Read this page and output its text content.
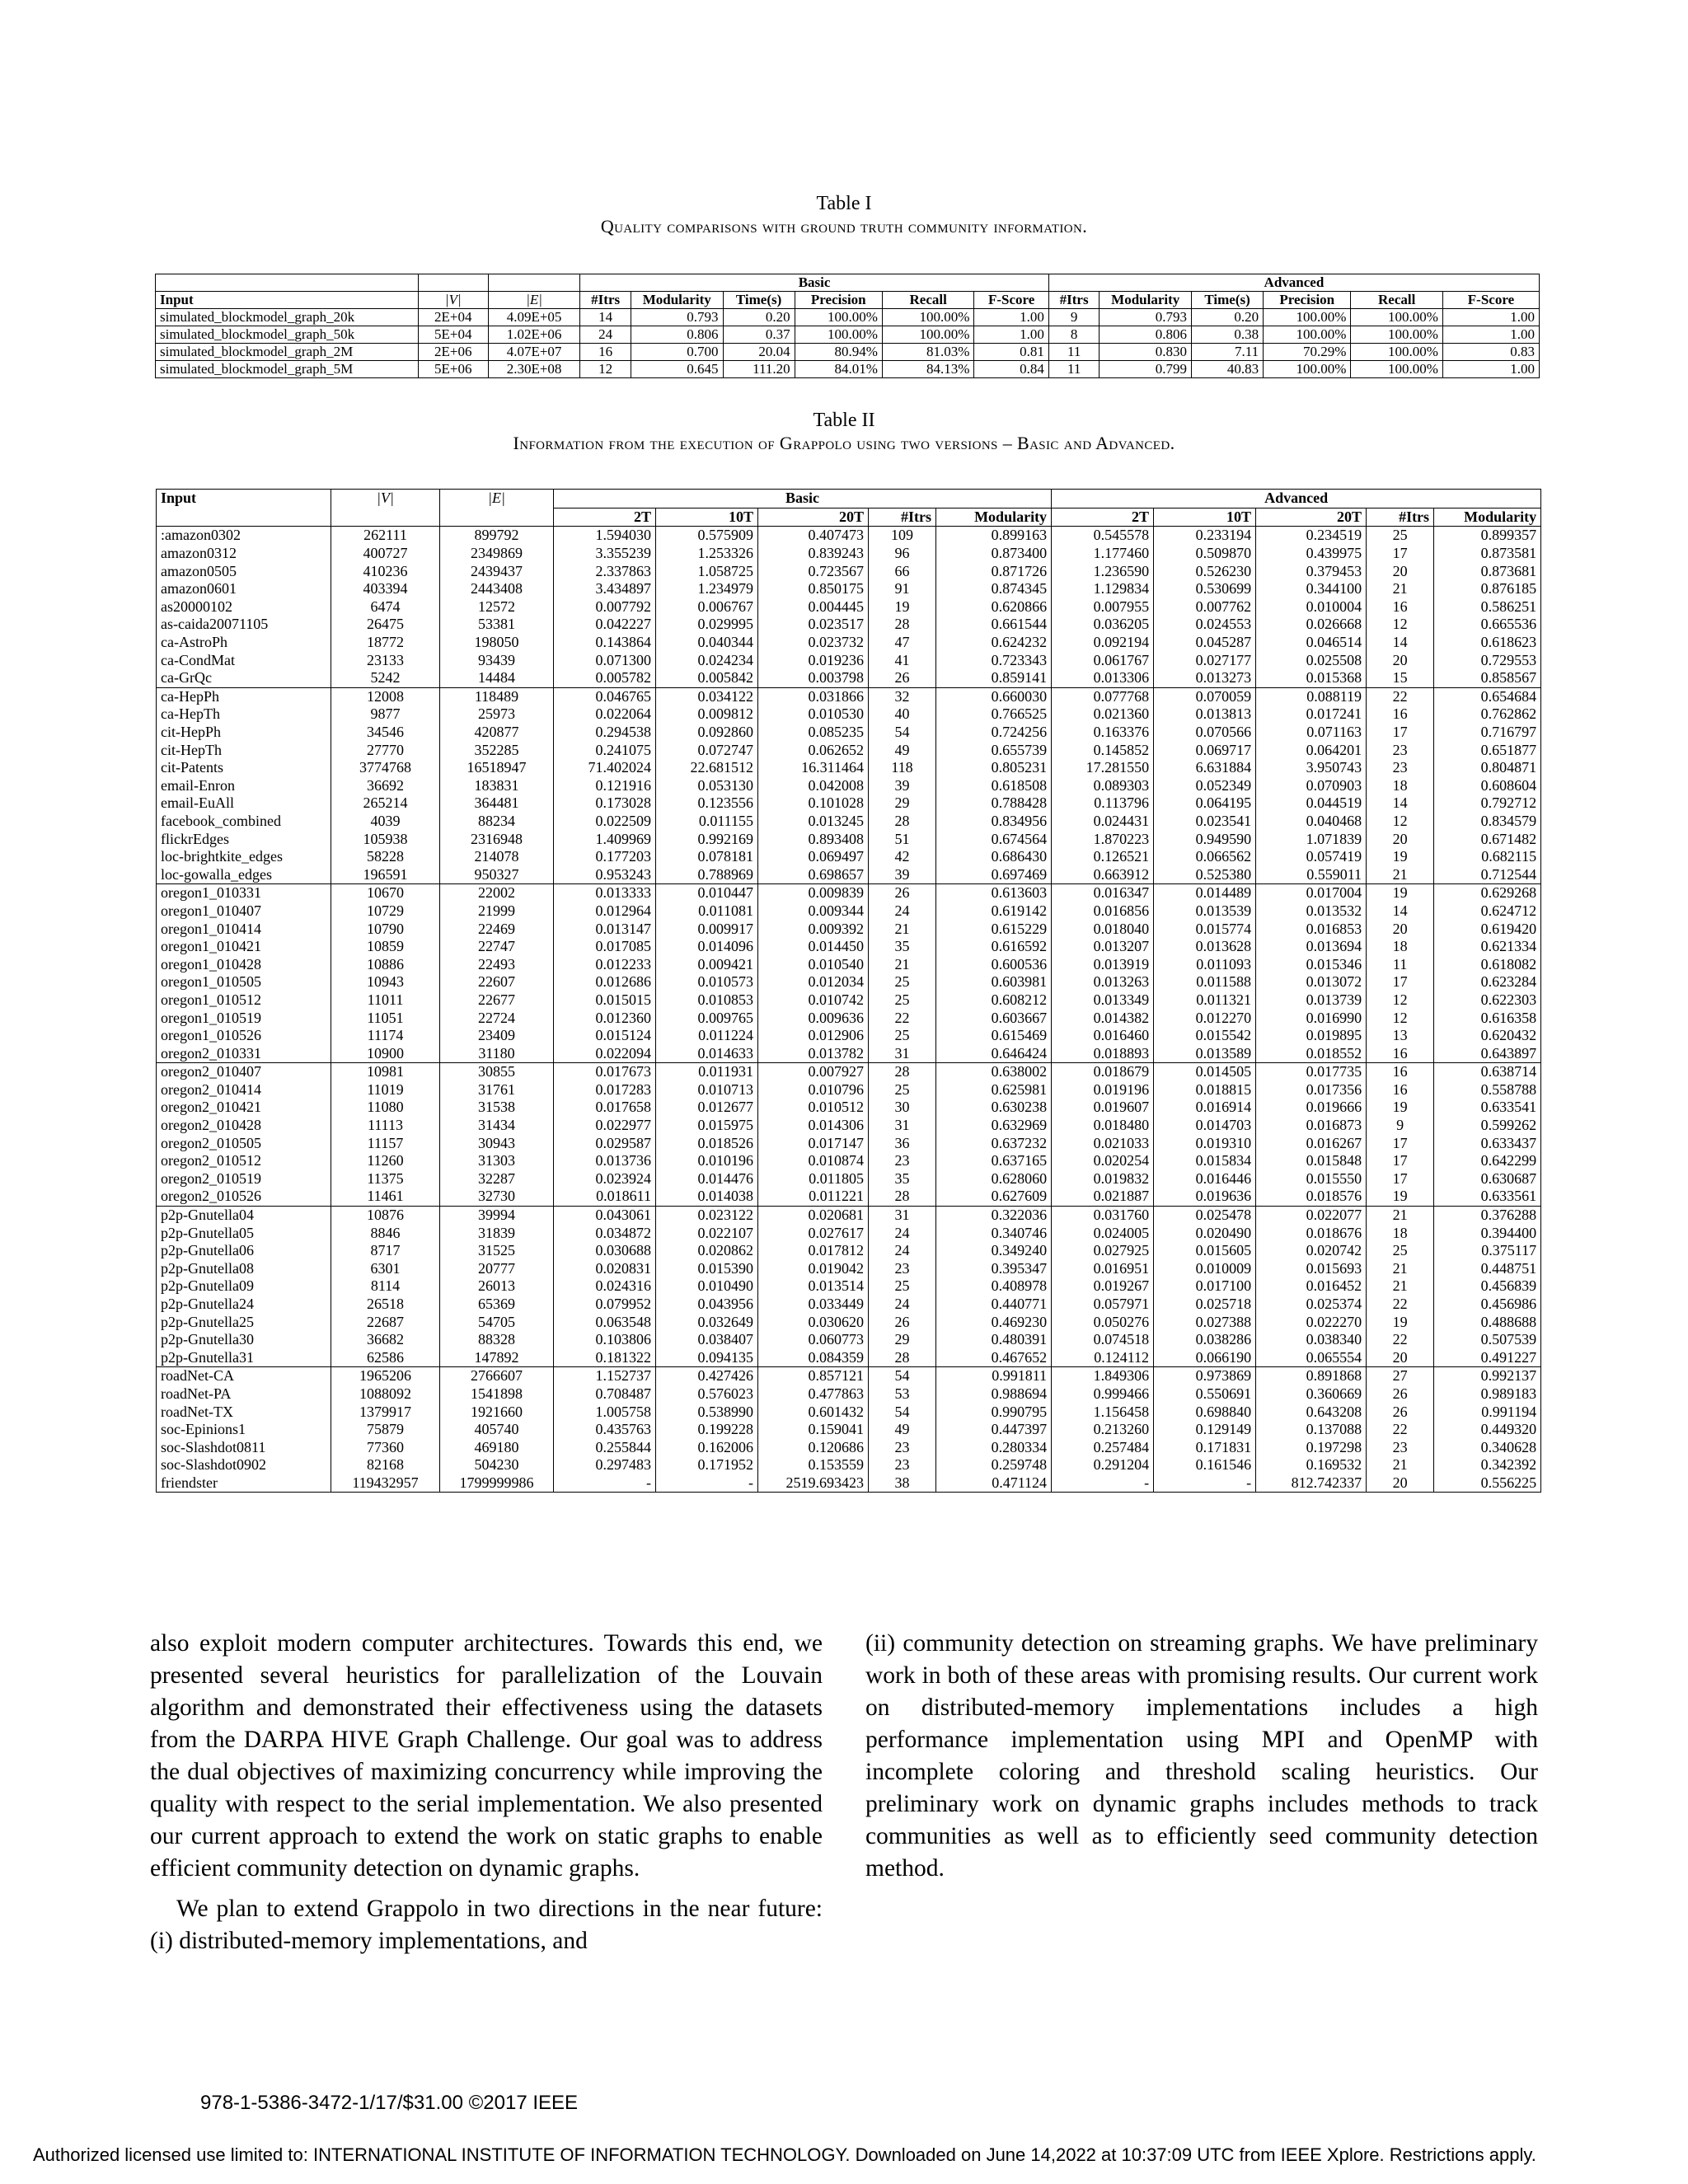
Table I
Quality comparisons with ground truth community information.
			Basic						Advanced					
Input	|V|	|E|	#Itrs	Modularity	Time(s)	Precision	Recall	F-Score	#Itrs	Modularity	Time(s)	Precision	Recall	F-Score
simulated_blockmodel_graph_20k	2E+04	4.09E+05	14	0.793	0.20	100.00%	100.00%	1.00	9	0.793	0.20	100.00%	100.00%	1.00
simulated_blockmodel_graph_50k	5E+04	1.02E+06	24	0.806	0.37	100.00%	100.00%	1.00	8	0.806	0.38	100.00%	100.00%	1.00
simulated_blockmodel_graph_2M	2E+06	4.07E+07	16	0.700	20.04	80.94%	81.03%	0.81	11	0.830	7.11	70.29%	100.00%	0.83
simulated_blockmodel_graph_5M	5E+06	2.30E+08	12	0.645	111.20	84.01%	84.13%	0.84	11	0.799	40.83	100.00%	100.00%	1.00
Table II
Information from the execution of Grappolo using two versions – Basic and Advanced.
Input	|V|	|E|	Basic					Advanced				
			2T	10T	20T	#Itrs	Modularity	2T	10T	20T	#Itrs	Modularity
:amazon0302	262111	899792	1.594030	0.575909	0.407473	109	0.899163	0.545578	0.233194	0.234519	25	0.899357
amazon0312	400727	2349869	3.355239	1.253326	0.839243	96	0.873400	1.177460	0.509870	0.439975	17	0.873581
amazon0505	410236	2439437	2.337863	1.058725	0.723567	66	0.871726	1.236590	0.526230	0.379453	20	0.873681
amazon0601	403394	2443408	3.434897	1.234979	0.850175	91	0.874345	1.129834	0.530699	0.344100	21	0.876185
as20000102	6474	12572	0.007792	0.006767	0.004445	19	0.620866	0.007955	0.007762	0.010004	16	0.586251
as-caida20071105	26475	53381	0.042227	0.029995	0.023517	28	0.661544	0.036205	0.024553	0.026668	12	0.665536
ca-AstroPh	18772	198050	0.143864	0.040344	0.023732	47	0.624232	0.092194	0.045287	0.046514	14	0.618623
ca-CondMat	23133	93439	0.071300	0.024234	0.019236	41	0.723343	0.061767	0.027177	0.025508	20	0.729553
ca-GrQc	5242	14484	0.005782	0.005842	0.003798	26	0.859141	0.013306	0.013273	0.015368	15	0.858567
ca-HepPh	12008	118489	0.046765	0.034122	0.031866	32	0.660030	0.077768	0.070059	0.088119	22	0.654684
ca-HepTh	9877	25973	0.022064	0.009812	0.010530	40	0.766525	0.021360	0.013813	0.017241	16	0.762862
cit-HepPh	34546	420877	0.294538	0.092860	0.085235	54	0.724256	0.163376	0.070566	0.071163	17	0.716797
cit-HepTh	27770	352285	0.241075	0.072747	0.062652	49	0.655739	0.145852	0.069717	0.064201	23	0.651877
cit-Patents	3774768	16518947	71.402024	22.681512	16.311464	118	0.805231	17.281550	6.631884	3.950743	23	0.804871
email-Enron	36692	183831	0.121916	0.053130	0.042008	39	0.618508	0.089303	0.052349	0.070903	18	0.608604
email-EuAll	265214	364481	0.173028	0.123556	0.101028	29	0.788428	0.113796	0.064195	0.044519	14	0.792712
facebook_combined	4039	88234	0.022509	0.011155	0.013245	28	0.834956	0.024431	0.023541	0.040468	12	0.834579
flickrEdges	105938	2316948	1.409969	0.992169	0.893408	51	0.674564	1.870223	0.949590	1.071839	20	0.671482
loc-brightkite_edges	58228	214078	0.177203	0.078181	0.069497	42	0.686430	0.126521	0.066562	0.057419	19	0.682115
loc-gowalla_edges	196591	950327	0.953243	0.788969	0.698657	39	0.697469	0.663912	0.525380	0.559011	21	0.712544
oregon1_010331	10670	22002	0.013333	0.010447	0.009839	26	0.613603	0.016347	0.014489	0.017004	19	0.629268
oregon1_010407	10729	21999	0.012964	0.011081	0.009344	24	0.619142	0.016856	0.013539	0.013532	14	0.624712
oregon1_010414	10790	22469	0.013147	0.009917	0.009392	21	0.615229	0.018040	0.015774	0.016853	20	0.619420
oregon1_010421	10859	22747	0.017085	0.014096	0.014450	35	0.616592	0.013207	0.013628	0.013694	18	0.621334
oregon1_010428	10886	22493	0.012233	0.009421	0.010540	21	0.600536	0.013919	0.011093	0.015346	11	0.618082
oregon1_010505	10943	22607	0.012686	0.010573	0.012034	25	0.603981	0.013263	0.011588	0.013072	17	0.623284
oregon1_010512	11011	22677	0.015015	0.010853	0.010742	25	0.608212	0.013349	0.011321	0.013739	12	0.622303
oregon1_010519	11051	22724	0.012360	0.009765	0.009636	22	0.603667	0.014382	0.012270	0.016990	12	0.616358
oregon1_010526	11174	23409	0.015124	0.011224	0.012906	25	0.615469	0.016460	0.015542	0.019895	13	0.620432
oregon2_010331	10900	31180	0.022094	0.014633	0.013782	31	0.646424	0.018893	0.013589	0.018552	16	0.643897
oregon2_010407	10981	30855	0.017673	0.011931	0.007927	28	0.638002	0.018679	0.014505	0.017735	16	0.638714
oregon2_010414	11019	31761	0.017283	0.010713	0.010796	25	0.625981	0.019196	0.018815	0.017356	16	0.558788
oregon2_010421	11080	31538	0.017658	0.012677	0.010512	30	0.630238	0.019607	0.016914	0.019666	19	0.633541
oregon2_010428	11113	31434	0.022977	0.015975	0.014306	31	0.632969	0.018480	0.014703	0.016873	9	0.599262
oregon2_010505	11157	30943	0.029587	0.018526	0.017147	36	0.637232	0.021033	0.019310	0.016267	17	0.633437
oregon2_010512	11260	31303	0.013736	0.010196	0.010874	23	0.637165	0.020254	0.015834	0.015848	17	0.642299
oregon2_010519	11375	32287	0.023924	0.014476	0.011805	35	0.628060	0.019832	0.016446	0.015550	17	0.630687
oregon2_010526	11461	32730	0.018611	0.014038	0.011221	28	0.627609	0.021887	0.019636	0.018576	19	0.633561
p2p-Gnutella04	10876	39994	0.043061	0.023122	0.020681	31	0.322036	0.031760	0.025478	0.022077	21	0.376288
p2p-Gnutella05	8846	31839	0.034872	0.022107	0.027617	24	0.340746	0.024005	0.020490	0.018676	18	0.394400
p2p-Gnutella06	8717	31525	0.030688	0.020862	0.017812	24	0.349240	0.027925	0.015605	0.020742	25	0.375117
p2p-Gnutella08	6301	20777	0.020831	0.015390	0.019042	23	0.395347	0.016951	0.010009	0.015693	21	0.448751
p2p-Gnutella09	8114	26013	0.024316	0.010490	0.013514	25	0.408978	0.019267	0.017100	0.016452	21	0.456839
p2p-Gnutella24	26518	65369	0.079952	0.043956	0.033449	24	0.440771	0.057971	0.025718	0.025374	22	0.456986
p2p-Gnutella25	22687	54705	0.063548	0.032649	0.030620	26	0.469230	0.050276	0.027388	0.022270	19	0.488688
p2p-Gnutella30	36682	88328	0.103806	0.038407	0.060773	29	0.480391	0.074518	0.038286	0.038340	22	0.507539
p2p-Gnutella31	62586	147892	0.181322	0.094135	0.084359	28	0.467652	0.124112	0.066190	0.065554	20	0.491227
roadNet-CA	1965206	2766607	1.152737	0.427426	0.857121	54	0.991811	1.849306	0.973869	0.891868	27	0.992137
roadNet-PA	1088092	1541898	0.708487	0.576023	0.477863	53	0.988694	0.999466	0.550691	0.360669	26	0.989183
roadNet-TX	1379917	1921660	1.005758	0.538990	0.601432	54	0.990795	1.156458	0.698840	0.643208	26	0.991194
soc-Epinions1	75879	405740	0.435763	0.199228	0.159041	49	0.447397	0.213260	0.129149	0.137088	22	0.449320
soc-Slashdot0811	77360	469180	0.255844	0.162006	0.120686	23	0.280334	0.257484	0.171831	0.197298	23	0.340628
soc-Slashdot0902	82168	504230	0.297483	0.171952	0.153559	23	0.259748	0.291204	0.161546	0.169532	21	0.342392
friendster	119432957	1799999986	-	-	2519.693423	38	0.471124	-	-	812.742337	20	0.556225

also exploit modern computer architectures. Towards this end, we presented several heuristics for parallelization of the Louvain algorithm and demonstrated their effectiveness using the datasets from the DARPA HIVE Graph Challenge. Our goal was to address the dual objectives of maximizing concurrency while improving the quality with respect to the serial implementation. We also presented our current approach to extend the work on static graphs to enable efficient community detection on dynamic graphs.

We plan to extend Grappolo in two directions in the near future: (i) distributed-memory implementations, and

(ii) community detection on streaming graphs. We have preliminary work in both of these areas with promising results. Our current work on distributed-memory implementations includes a high performance implementation using MPI and OpenMP with incomplete coloring and threshold scaling heuristics. Our preliminary work on dynamic graphs includes methods to track communities as well as to efficiently seed community detection method.

978-1-5386-3472-1/17/$31.00 ©2017 IEEE
Authorized licensed use limited to: INTERNATIONAL INSTITUTE OF INFORMATION TECHNOLOGY. Downloaded on June 14,2022 at 10:37:09 UTC from IEEE Xplore. Restrictions apply.
